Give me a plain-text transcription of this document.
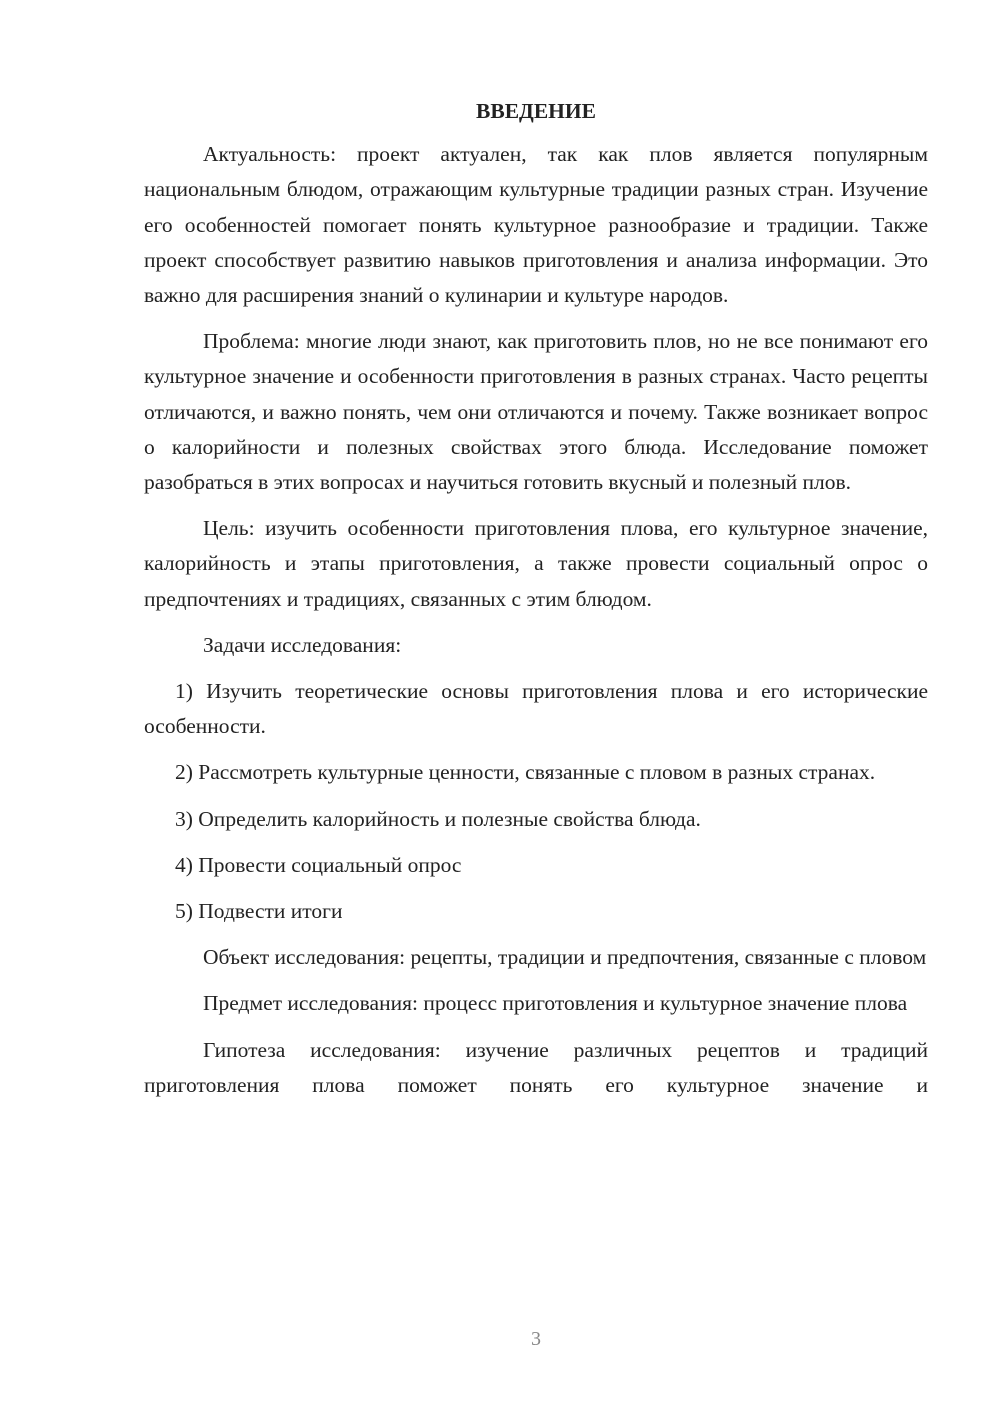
ВВЕДЕНИЕ

Актуальность: проект актуален, так как плов является популярным национальным блюдом, отражающим культурные традиции разных стран. Изучение его особенностей помогает понять культурное разнообразие и традиции. Также проект способствует развитию навыков приготовления и анализа информации. Это важно для расширения знаний о кулинарии и культуре народов.

Проблема: многие люди знают, как приготовить плов, но не все понимают его культурное значение и особенности приготовления в разных странах. Часто рецепты отличаются, и важно понять, чем они отличаются и почему. Также возникает вопрос о калорийности и полезных свойствах этого блюда. Исследование поможет разобраться в этих вопросах и научиться готовить вкусный и полезный плов.

Цель: изучить особенности приготовления плова, его культурное значение, калорийность и этапы приготовления, а также провести социальный опрос о предпочтениях и традициях, связанных с этим блюдом.

Задачи исследования:

1) Изучить теоретические основы приготовления плова и его исторические особенности.

2) Рассмотреть культурные ценности, связанные с пловом в разных странах.

3) Определить калорийность и полезные свойства блюда.

4) Провести социальный опрос

5) Подвести итоги

Объект исследования: рецепты, традиции и предпочтения, связанные с пловом

Предмет исследования: процесс приготовления и культурное значение плова

Гипотеза исследования: изучение различных рецептов и традиций приготовления плова поможет понять его культурное значение и

3
